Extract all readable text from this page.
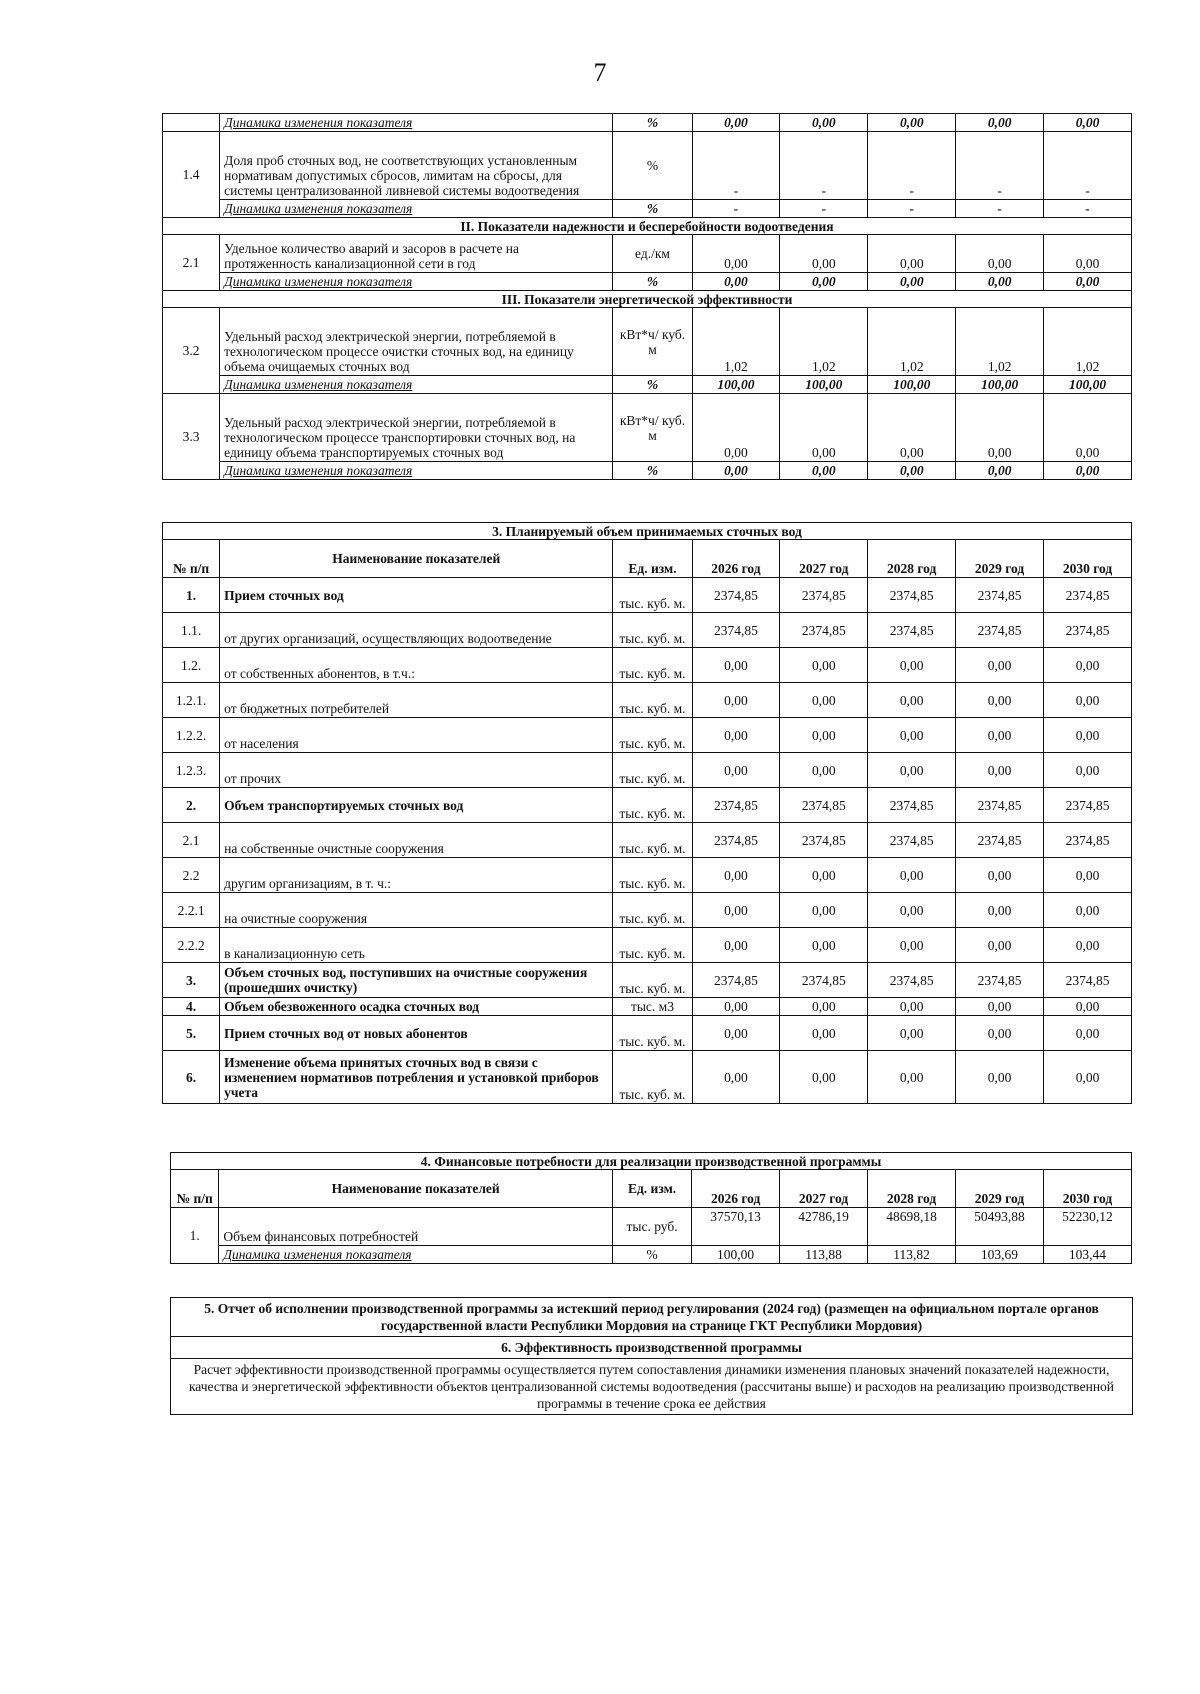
7
	Динамика изменения показателя	%	0,00	0,00	0,00	0,00	0,00
1.4	Доля проб сточных вод, не соответствующих установленным нормативам допустимых сбросов, лимитам на сбросы, для системы централизованной ливневой системы водоотведения	%	-	-	-	-	-
	Динамика изменения показателя	%	-	-	-	-	-
II. Показатели надежности и бесперебойности водоотведения							
2.1	Удельное количество аварий и засоров в расчете на протяженность канализационной сети в год	ед./км	0,00	0,00	0,00	0,00	0,00
	Динамика изменения показателя	%	0,00	0,00	0,00	0,00	0,00
III. Показатели энергетической эффективности							
3.2	Удельный расход электрической энергии, потребляемой в технологическом процессе очистки сточных вод, на единицу объема очищаемых сточных вод	кВт*ч/ куб. м	1,02	1,02	1,02	1,02	1,02
	Динамика изменения показателя	%	100,00	100,00	100,00	100,00	100,00
3.3	Удельный расход электрической энергии, потребляемой в технологическом процессе транспортировки сточных вод, на единицу объема транспортируемых сточных вод	кВт*ч/ куб. м	0,00	0,00	0,00	0,00	0,00
	Динамика изменения показателя	%	0,00	0,00	0,00	0,00	0,00
3. Планируемый объем принимаемых сточных вод							
№ п/п	Наименование показателей	Ед. изм.	2026 год	2027 год	2028 год	2029 год	2030 год
1.	Прием сточных вод	тыс. куб. м.	2374,85	2374,85	2374,85	2374,85	2374,85
1.1.	от других организаций, осуществляющих водоотведение	тыс. куб. м.	2374,85	2374,85	2374,85	2374,85	2374,85
1.2.	от собственных абонентов, в т.ч.:	тыс. куб. м.	0,00	0,00	0,00	0,00	0,00
1.2.1.	от бюджетных потребителей	тыс. куб. м.	0,00	0,00	0,00	0,00	0,00
1.2.2.	от населения	тыс. куб. м.	0,00	0,00	0,00	0,00	0,00
1.2.3.	от прочих	тыс. куб. м.	0,00	0,00	0,00	0,00	0,00
2.	Объем транспортируемых сточных вод	тыс. куб. м.	2374,85	2374,85	2374,85	2374,85	2374,85
2.1	на собственные очистные сооружения	тыс. куб. м.	2374,85	2374,85	2374,85	2374,85	2374,85
2.2	другим организациям, в т. ч.:	тыс. куб. м.	0,00	0,00	0,00	0,00	0,00
2.2.1	на очистные сооружения	тыс. куб. м.	0,00	0,00	0,00	0,00	0,00
2.2.2	в канализационную сеть	тыс. куб. м.	0,00	0,00	0,00	0,00	0,00
3.	Объем сточных вод, поступивших на очистные сооружения (прошедших очистку)	тыс. куб. м.	2374,85	2374,85	2374,85	2374,85	2374,85
4.	Объем обезвоженного осадка сточных вод	тыс. м3	0,00	0,00	0,00	0,00	0,00
5.	Прием сточных вод от новых абонентов	тыс. куб. м.	0,00	0,00	0,00	0,00	0,00
6.	Изменение объема принятых сточных вод в связи с изменением нормативов потребления и установкой приборов учета	тыс. куб. м.	0,00	0,00	0,00	0,00	0,00
4. Финансовые потребности для реализации производственной программы							
№ п/п	Наименование показателей	Ед. изм.	2026 год	2027 год	2028 год	2029 год	2030 год
1.	Объем финансовых потребностей	тыс. руб.	37570,13	42786,19	48698,18	50493,88	52230,12
	Динамика изменения показателя	%	100,00	113,88	113,82	103,69	103,44
5. Отчет об исполнении производственной программы за истекший период регулирования (2024 год) (размещен на официальном портале органов государственной власти Республики Мордовия на странице ГКТ Республики Мордовия)
6. Эффективность производственной программы
Расчет эффективности производственной программы осуществляется путем сопоставления динамики изменения плановых значений показателей надежности, качества и энергетической эффективности объектов централизованной системы водоотведения (рассчитаны выше) и расходов на реализацию производственной программы в течение срока ее действия
